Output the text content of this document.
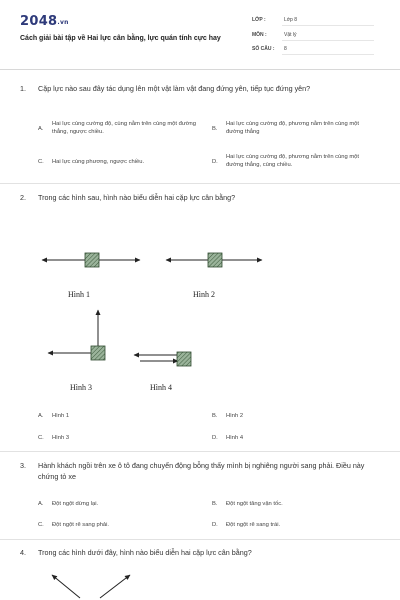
2048.vn
Cách giải bài tập về Hai lực cân bằng, lực quán tính cực hay
LỚP :	Lớp 8
MÔN :	Vật lý
SỐ CÂU : 8
1. Cặp lực nào sau đây tác dụng lên một vật làm vật đang đứng yên, tiếp tục đứng yên?
A.
Hai lực cùng cường độ, cùng nằm trên cùng một đường thẳng, ngược chiều.
B.
Hai lực cùng cường độ, phương nằm trên cùng một đường thẳng
C. Hai lực cùng phương, ngược chiều.	D.
Hai lực cùng cường độ, phương nằm trên cùng một đường thẳng, cùng chiều.
2. Trong các hình sau, hình nào biểu diễn hai cặp lực cân bằng?
Hình 1	Hình 2
Hình 3	Hình 4
A. Hình 1	B. Hình 2
C. Hình 3	D. Hình 4
3. Hành khách ngồi trên xe ô tô đang chuyển động bỗng thấy mình bị nghiêng người sang phải. Điều này chứng tỏ xe
A. Đột ngột dừng lại.	B. Đột ngột tăng vận tốc.
C. Đột ngột rẽ sang phải.	D. Đột ngột rẽ sang trái.
4. Trong các hình dưới đây, hình nào biểu diễn hai cặp lực cân bằng?
